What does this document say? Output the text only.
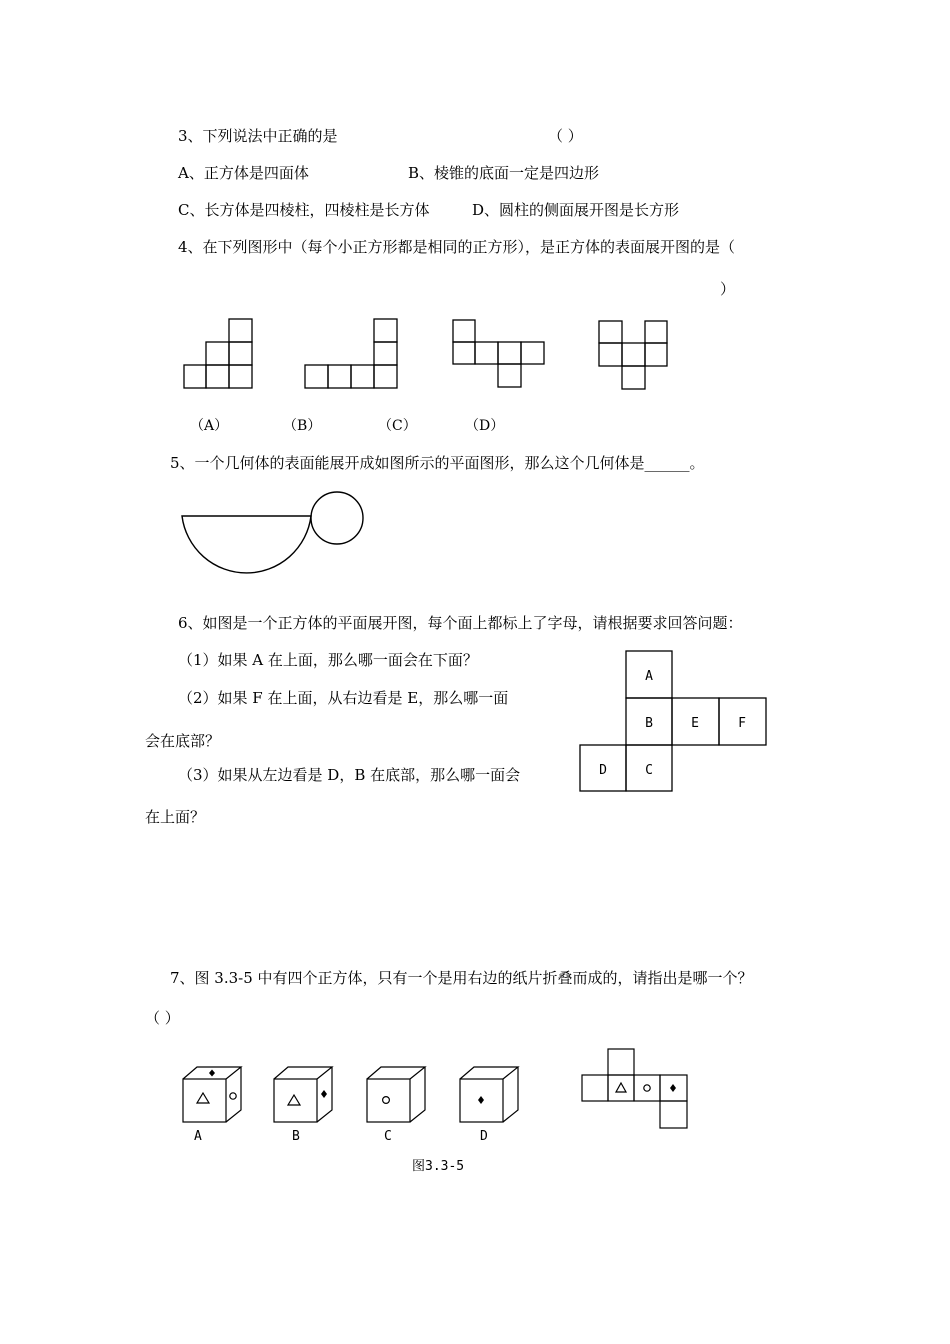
3、下列说法中正确的是	（ ）
A、正方体是四面体	B、棱锥的底面一定是四边形
C、长方体是四棱柱，四棱柱是长方体	D、圆柱的侧面展开图是长方形
4、在下列图形中（每个小正方形都是相同的正方形），是正方体的表面展开图的是（
）
（A）	（B）	（C）	（D）
5、一个几何体的表面能展开成如图所示的平面图形，那么这个几何体是______。
6、如图是一个正方体的平面展开图，每个面上都标上了字母，请根据要求回答问题：
（1）如果 A 在上面，那么哪一面会在下面？
（2）如果 F 在上面，从右边看是 E，那么哪一面
会在底部？
（3）如果从左边看是 D，B 在底部，那么哪一面会
在上面？
A
B	E	F
D	C
7、图 3.3-5 中有四个正方体，只有一个是用右边的纸片折叠而成的，请指出是哪一个？
（ ）
A	B	C	D
图3.3-5
